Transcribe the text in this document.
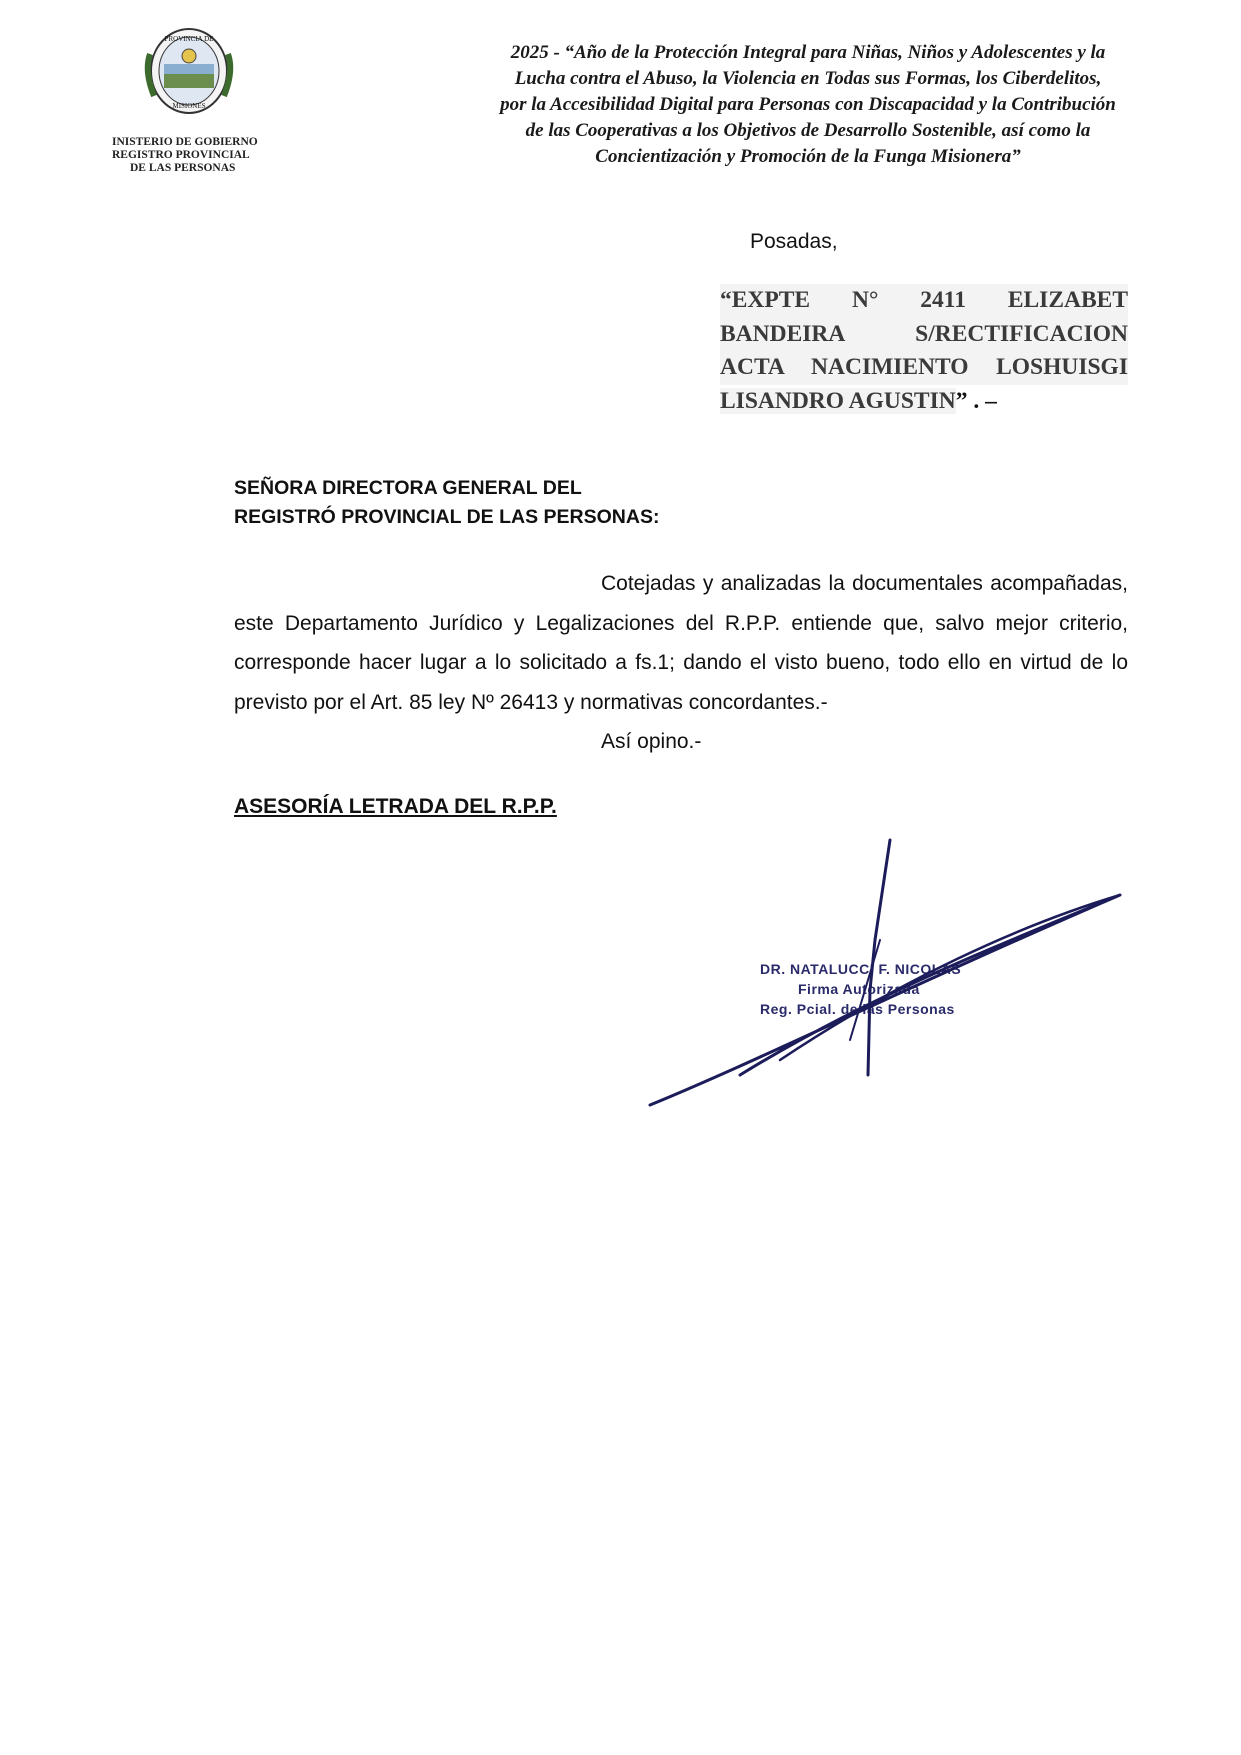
PROVINCIA DE
MISIONES
INISTERIO DE GOBIERNO
REGISTRO PROVINCIAL
DE LAS PERSONAS
2025 - “Año de la Protección Integral para Niñas, Niños y Adolescentes y la
Lucha contra el Abuso, la Violencia en Todas sus Formas, los Ciberdelitos,
por la Accesibilidad Digital para Personas con Discapacidad y la Contribución
de las Cooperativas a los Objetivos de Desarrollo Sostenible, así como la
Concientización y Promoción de la Funga Misionera”
Posadas,
“EXPTE N° 2411 ELIZABET
BANDEIRA S/RECTIFICACION
ACTA NACIMIENTO LOSHUISGI
LISANDRO AGUSTIN” . –
SEÑORA DIRECTORA GENERAL DEL
REGISTRÓ PROVINCIAL DE LAS PERSONAS:

Cotejadas y analizadas la documentales acompañadas, este Departamento Jurídico y Legalizaciones del R.P.P. entiende que, salvo mejor criterio, corresponde hacer lugar a lo solicitado a fs.1; dando el visto bueno, todo ello en virtud de lo previsto por el Art. 85 ley Nº 26413 y normativas concordantes.-

Así opino.-
ASESORÍA LETRADA DEL R.P.P.
DR. NATALUCCI F. NICOLAS
Firma Autorizada
Reg. Pcial. de las Personas
